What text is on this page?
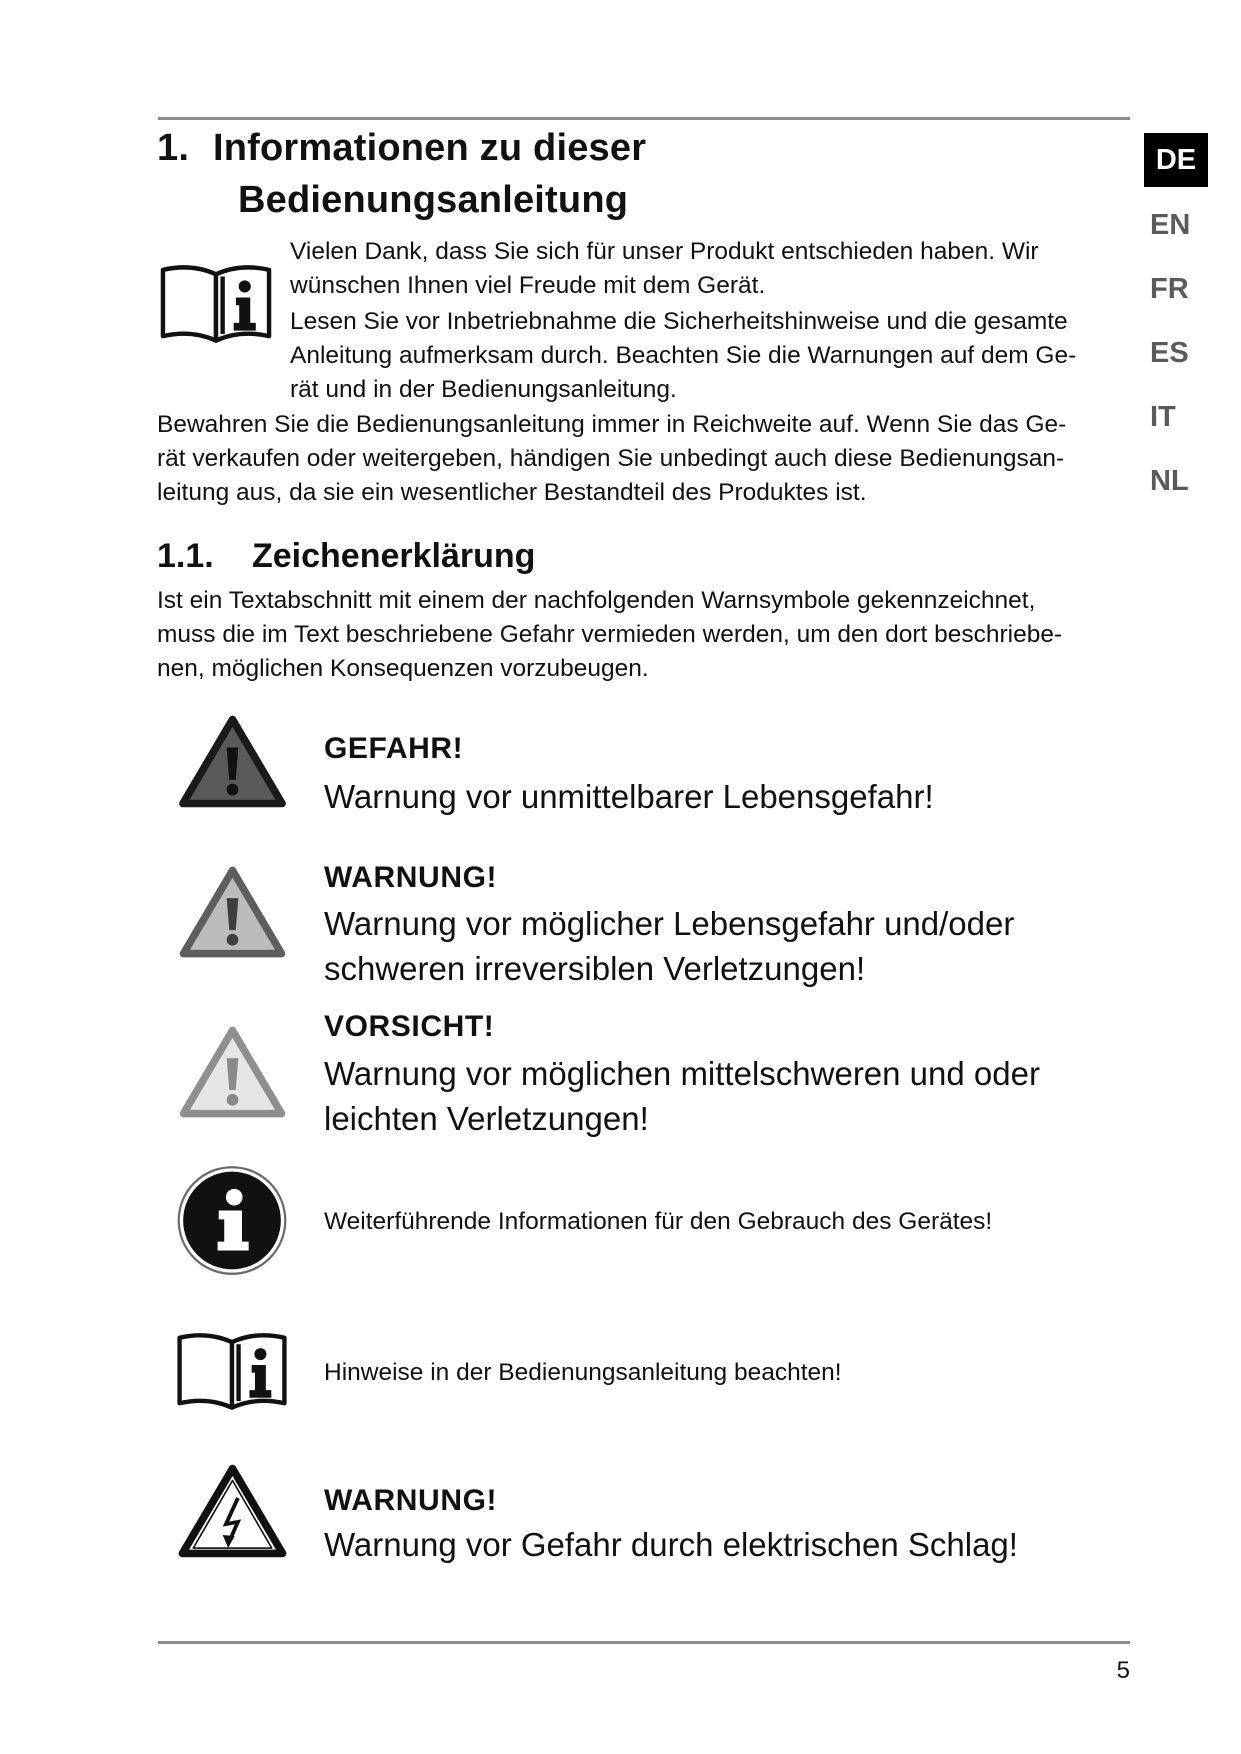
1. Informationen zu dieser
Bedienungsanleitung
DE
EN
FR
ES
IT
NL
Vielen Dank, dass Sie sich für unser Produkt entschieden haben. Wir
wünschen Ihnen viel Freude mit dem Gerät.
Lesen Sie vor Inbetriebnahme die Sicherheitshinweise und die gesamte
Anleitung aufmerksam durch. Beachten Sie die Warnungen auf dem Ge-
rät und in der Bedienungsanleitung.
Bewahren Sie die Bedienungsanleitung immer in Reichweite auf. Wenn Sie das Ge-
rät verkaufen oder weitergeben, händigen Sie unbedingt auch diese Bedienungsan-
leitung aus, da sie ein wesentlicher Bestandteil des Produktes ist.
1.1. Zeichenerklärung
Ist ein Textabschnitt mit einem der nachfolgenden Warnsymbole gekennzeichnet,
muss die im Text beschriebene Gefahr vermieden werden, um den dort beschriebe-
nen, möglichen Konsequenzen vorzubeugen.
GEFAHR!
Warnung vor unmittelbarer Lebensgefahr!
WARNUNG!
Warnung vor möglicher Lebensgefahr und/oder
schweren irreversiblen Verletzungen!
VORSICHT!
Warnung vor möglichen mittelschweren und oder
leichten Verletzungen!
Weiterführende Informationen für den Gebrauch des Gerätes!
Hinweise in der Bedienungsanleitung beachten!
WARNUNG!
Warnung vor Gefahr durch elektrischen Schlag!
5
